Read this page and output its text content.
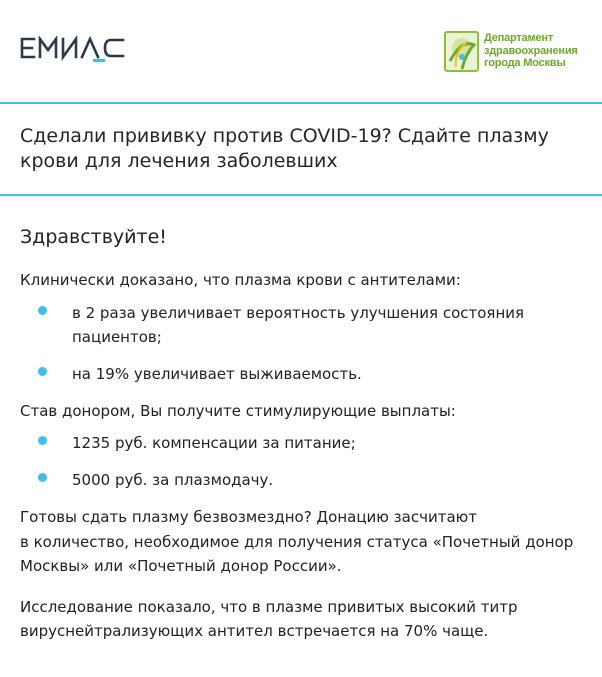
Департамент
здравоохранения
города Москвы
Сделали прививку против COVID-19? Сдайте плазму крови для лечения заболевших
Здравствуйте!

Клинически доказано, что плазма крови с антителами:

в 2 раза увеличивает вероятность улучшения состояния пациентов;
на 19% увеличивает выживаемость.

Став донором, Вы получите стимулирующие выплаты:

1235 руб. компенсации за питание;
5000 руб. за плазмодачу.

Готовы сдать плазму безвозмездно? Донацию засчитают
в количество, необходимое для получения статуса «Почетный донор
Москвы» или «Почетный донор России».

Исследование показало, что в плазме привитых высокий титр
вируснейтрализующих антител встречается на 70% чаще.
